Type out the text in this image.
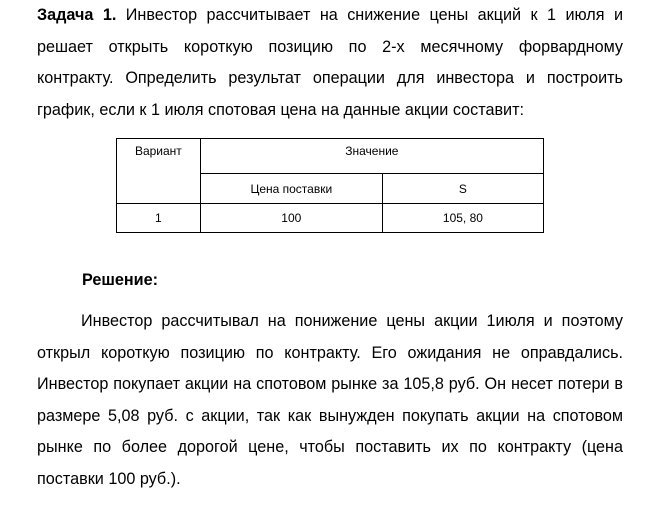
Задача 1. Инвестор рассчитывает на снижение цены акций к 1 июля и решает открыть короткую позицию по 2-х месячному форвардному контракту. Определить результат операции для инвестора и построить график, если к 1 июля спотовая цена на данные акции составит:

Вариант	Значение	
	Цена поставки	S
1	100	105, 80

Решение:

Инвестор рассчитывал на понижение цены акции 1июля и поэтому открыл короткую позицию по контракту. Его ожидания не оправдались. Инвестор покупает акции на спотовом рынке за 105,8 руб. Он несет потери в размере 5,08 руб. с акции, так как вынужден покупать акции на спотовом рынке по более дорогой цене, чтобы поставить их по контракту (цена поставки 100 руб.).
